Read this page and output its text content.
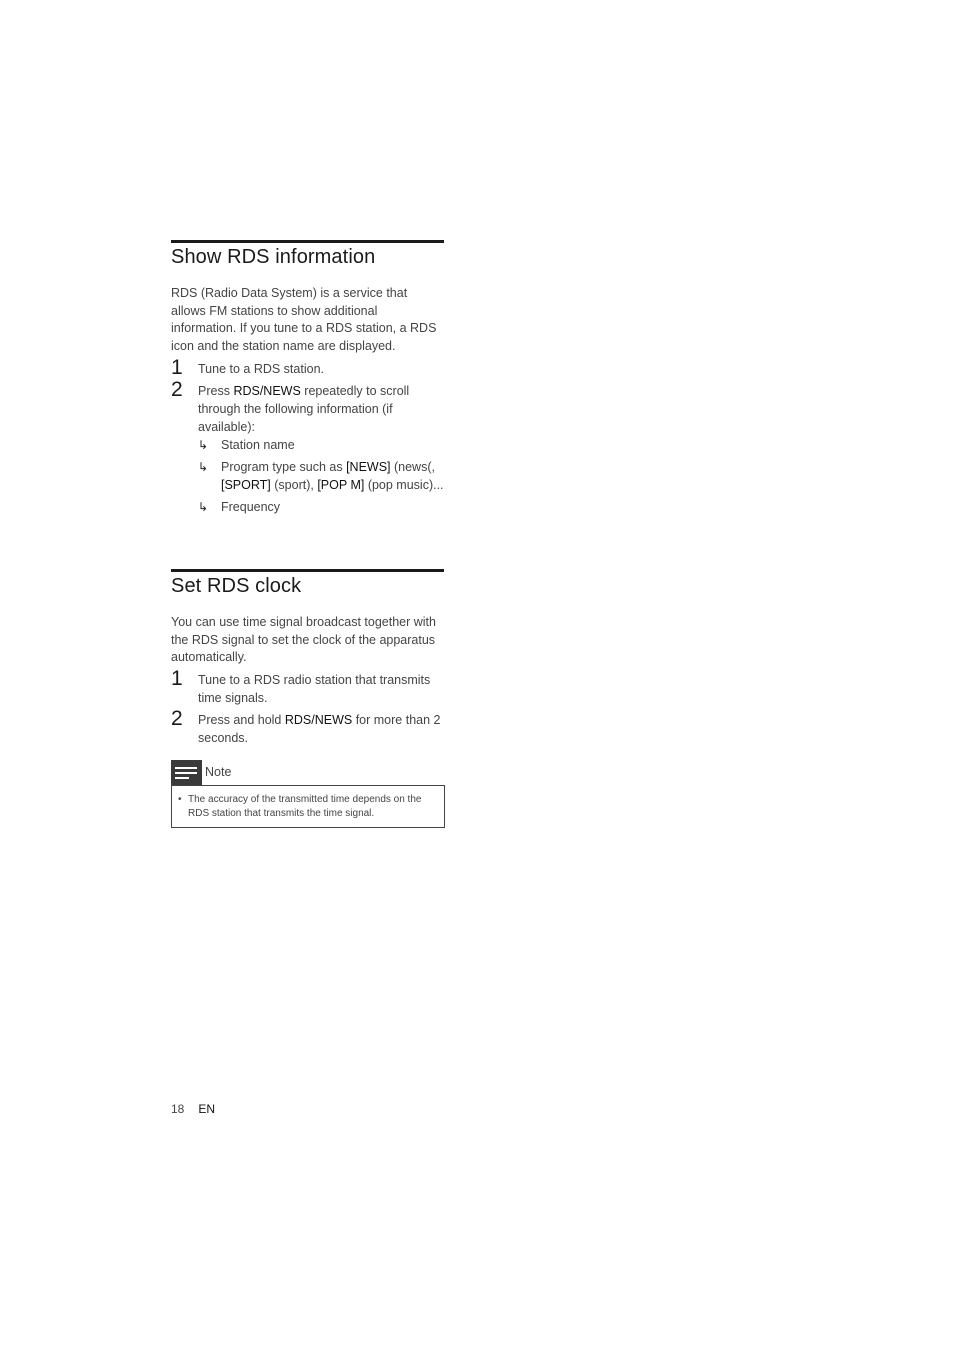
Show RDS information

RDS (Radio Data System) is a service that allows FM stations to show additional information. If you tune to a RDS station, a RDS icon and the station name are displayed.

1 Tune to a RDS station.
2 Press RDS/NEWS repeatedly to scroll through the following information (if available):
↳ Station name
↳ Program type such as [NEWS] (news(, [SPORT] (sport), [POP M] (pop music)...
↳ Frequency
Set RDS clock

You can use time signal broadcast together with the RDS signal to set the clock of the apparatus automatically.

1 Tune to a RDS radio station that transmits time signals.
2 Press and hold RDS/NEWS for more than 2 seconds.
Note
• The accuracy of the transmitted time depends on the RDS station that transmits the time signal.
18 EN
